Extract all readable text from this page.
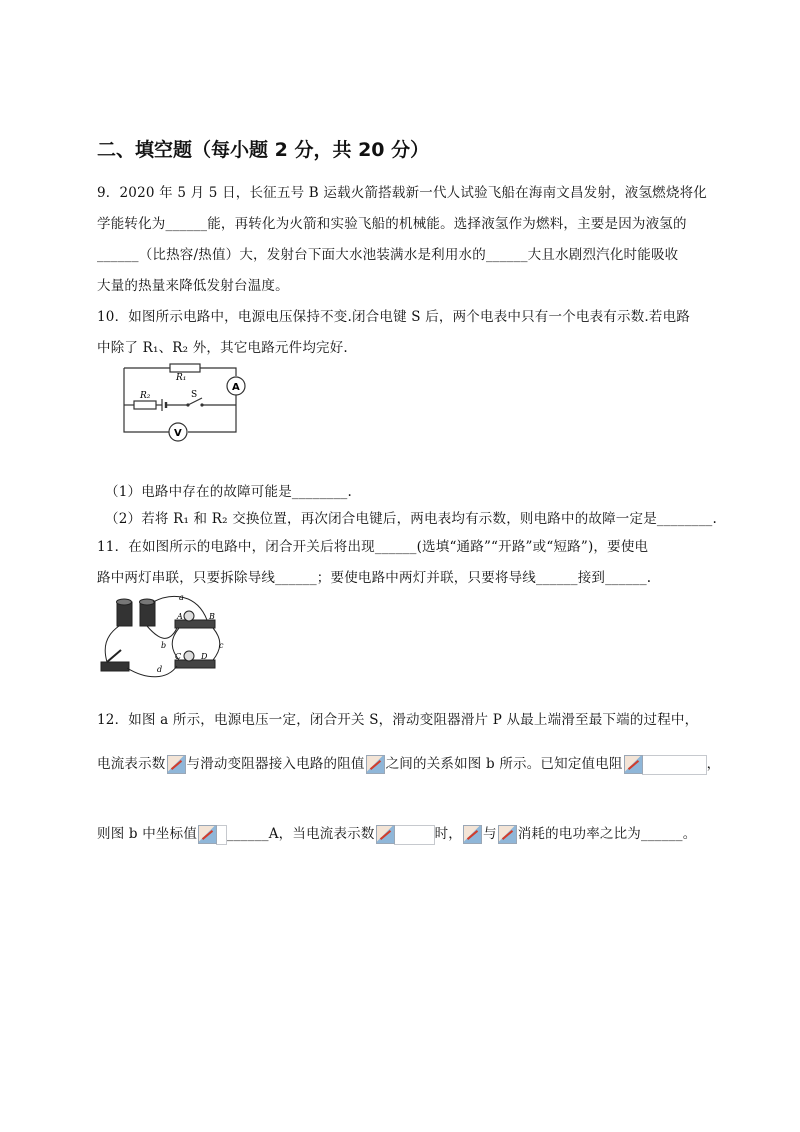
二、填空题（每小题 2 分，共 20 分）
9．2020 年 5 月 5 日，长征五号 B 运载火箭搭载新一代人试验飞船在海南文昌发射，液氢燃烧将化
学能转化为______能，再转化为火箭和实验飞船的机械能。选择液氢作为燃料，主要是因为液氢的
______（比热容/热值）大，发射台下面大水池装满水是利用水的______大且水剧烈汽化时能吸收
大量的热量来降低发射台温度。
10．如图所示电路中，电源电压保持不变.闭合电键 S 后，两个电表中只有一个电表有示数.若电路
中除了 R₁、R₂ 外，其它电路元件均完好.
R₁
R₂	S
A
V
（1）电路中存在的故障可能是________.
（2）若将 R₁ 和 R₂ 交换位置，再次闭合电键后，两电表均有示数，则电路中的故障一定是________.
11．在如图所示的电路中，闭合开关后将出现______(选填“通路”“开路”或“短路”)，要使电
路中两灯串联，只要拆除导线______；要使电路中两灯并联，只要将导线______接到______.
a
b	c
d
A	B
C D
12．如图 a 所示，电源电压一定，闭合开关 S，滑动变阻器滑片 P 从最上端滑至最下端的过程中，
电流表示数 与滑动变阻器接入电路的阻值 之间的关系如图 b 所示。已知定值电阻	，
则图 b 中坐标值 ______A，当电流表示数	时， 与 消耗的电功率之比为______。
